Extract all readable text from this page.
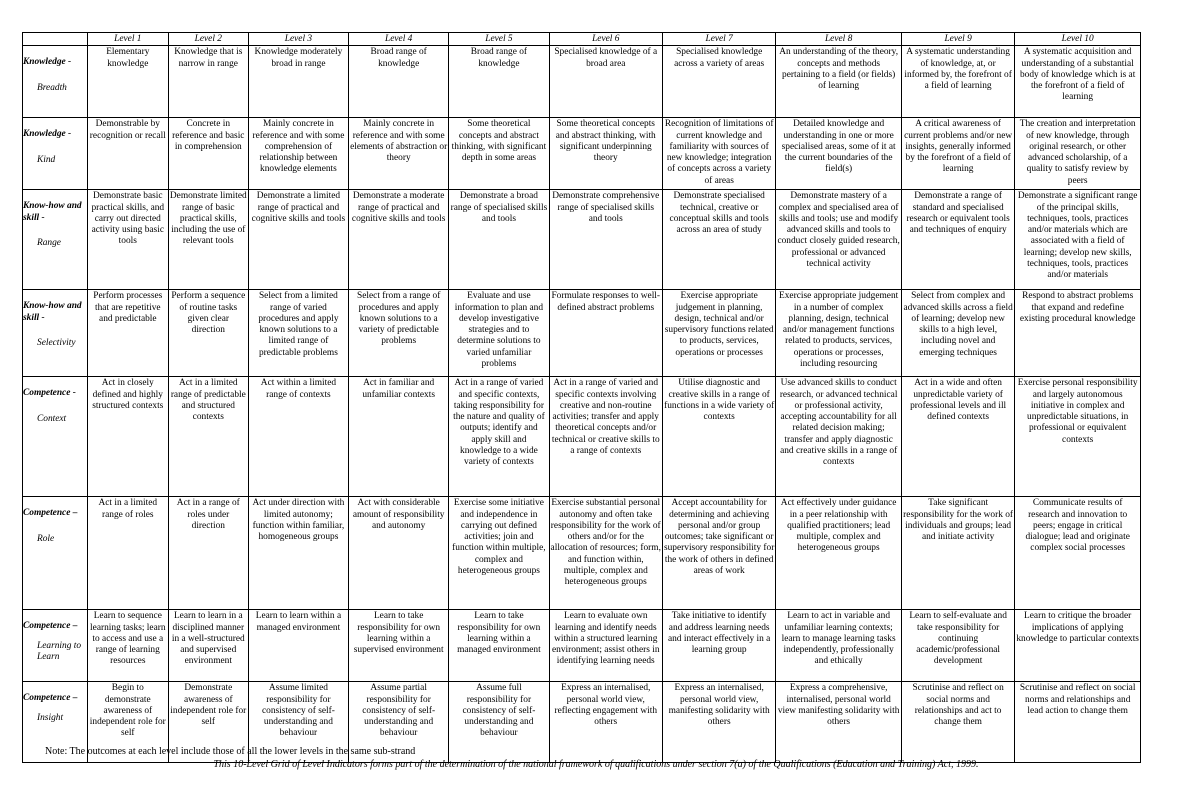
	Level 1	Level 2	Level 3	Level 4	Level 5	Level 6	Level 7	Level 8	Level 9	Level 10

Knowledge -
Breadth	Elementary knowledge	Knowledge that is narrow in range	Knowledge moderately broad in range	Broad range of knowledge	Broad range of knowledge	Specialised knowledge of a broad area	Specialised knowledge across a variety of areas	An understanding of the theory, concepts and methods pertaining to a field (or fields) of learning	A systematic understanding of knowledge, at, or informed by, the forefront of a field of learning	A systematic acquisition and understanding of a substantial body of knowledge which is at the forefront of a field of learning

Knowledge -
Kind	Demonstrable by recognition or recall	Concrete in reference and basic in comprehension	Mainly concrete in reference and with some comprehension of relationship between knowledge elements	Mainly concrete in reference and with some elements of abstraction or theory	Some theoretical concepts and abstract thinking, with significant depth in some areas	Some theoretical concepts and abstract thinking, with significant underpinning theory	Recognition of limitations of current knowledge and familiarity with sources of new knowledge; integration of concepts across a variety of areas	Detailed knowledge and understanding in one or more specialised areas, some of it at the current boundaries of the field(s)	A critical awareness of current problems and/or new insights, generally informed by the forefront of a field of learning	The creation and interpretation of new knowledge, through original research, or other advanced scholarship, of a quality to satisfy review by peers

Know-how and skill -
Range	Demonstrate basic practical skills, and carry out directed activity using basic tools	Demonstrate limited range of basic practical skills, including the use of relevant tools	Demonstrate a limited range of practical and cognitive skills and tools	Demonstrate a moderate range of practical and cognitive skills and tools	Demonstrate a broad range of specialised skills and tools	Demonstrate comprehensive range of specialised skills and tools	Demonstrate specialised technical, creative or conceptual skills and tools across an area of study	Demonstrate mastery of a complex and specialised area of skills and tools; use and modify advanced skills and tools to conduct closely guided research, professional or advanced technical activity	Demonstrate a range of standard and specialised research or equivalent tools and techniques of enquiry	Demonstrate a significant range of the principal skills, techniques, tools, practices and/or materials which are associated with a field of learning; develop new skills, techniques, tools, practices and/or materials

Know-how and skill -
Selectivity	Perform processes that are repetitive and predictable	Perform a sequence of routine tasks given clear direction	Select from a limited range of varied procedures and apply known solutions to a limited range of predictable problems	Select from a range of procedures and apply known solutions to a variety of predictable problems	Evaluate and use information to plan and develop investigative strategies and to determine solutions to varied unfamiliar problems	Formulate responses to well-defined abstract problems	Exercise appropriate judgement in planning, design, technical and/or supervisory functions related to products, services, operations or processes	Exercise appropriate judgement in a number of complex planning, design, technical and/or management functions related to products, services, operations or processes, including resourcing	Select from complex and advanced skills across a field of learning; develop new skills to a high level, including novel and emerging techniques	Respond to abstract problems that expand and redefine existing procedural knowledge

Competence -
Context	Act in closely defined and highly structured contexts	Act in a limited range of predictable and structured contexts	Act within a limited range of contexts	Act in familiar and unfamiliar contexts	Act in a range of varied and specific contexts, taking responsibility for the nature and quality of outputs; identify and apply skill and knowledge to a wide variety of contexts	Act in a range of varied and specific contexts involving creative and non-routine activities; transfer and apply theoretical concepts and/or technical or creative skills to a range of contexts	Utilise diagnostic and creative skills in a range of functions in a wide variety of contexts	Use advanced skills to conduct research, or advanced technical or professional activity, accepting accountability for all related decision making; transfer and apply diagnostic and creative skills in a range of contexts	Act in a wide and often unpredictable variety of professional levels and ill defined contexts	Exercise personal responsibility and largely autonomous initiative in complex and unpredictable situations, in professional or equivalent contexts

Competence –
Role	Act in a limited range of roles	Act in a range of roles under direction	Act under direction with limited autonomy; function within familiar, homogeneous groups	Act with considerable amount of responsibility and autonomy	Exercise some initiative and independence in carrying out defined activities; join and function within multiple, complex and heterogeneous groups	Exercise substantial personal autonomy and often take responsibility for the work of others and/or for the allocation of resources; form, and function within, multiple, complex and heterogeneous groups	Accept accountability for determining and achieving personal and/or group outcomes; take significant or supervisory responsibility for the work of others in defined areas of work	Act effectively under guidance in a peer relationship with qualified practitioners; lead multiple, complex and heterogeneous groups	Take significant responsibility for the work of individuals and groups; lead and initiate activity	Communicate results of research and innovation to peers; engage in critical dialogue; lead and originate complex social processes

Competence –
Learning to Learn	Learn to sequence learning tasks; learn to access and use a range of learning resources	Learn to learn in a disciplined manner in a well-structured and supervised environment	Learn to learn within a managed environment	Learn to take responsibility for own learning within a supervised environment	Learn to take responsibility for own learning within a managed environment	Learn to evaluate own learning and identify needs within a structured learning environment; assist others in identifying learning needs	Take initiative to identify and address learning needs and interact effectively in a learning group	Learn to act in variable and unfamiliar learning contexts; learn to manage learning tasks independently, professionally and ethically	Learn to self-evaluate and take responsibility for continuing academic/professional development	Learn to critique the broader implications of applying knowledge to particular contexts

Competence –
Insight	Begin to demonstrate awareness of independent role for self	Demonstrate awareness of independent role for self	Assume limited responsibility for consistency of self-understanding and behaviour	Assume partial responsibility for consistency of self-understanding and behaviour	Assume full responsibility for consistency of self-understanding and behaviour	Express an internalised, personal world view, reflecting engagement with others	Express an internalised, personal world view, manifesting solidarity with others	Express a comprehensive, internalised, personal world view manifesting solidarity with others	Scrutinise and reflect on social norms and relationships and act to change them	Scrutinise and reflect on social norms and relationships and lead action to change them
Note: The outcomes at each level include those of all the lower levels in the same sub-strand
This 10-Level Grid of Level Indicators forms part of the determination of the national framework of qualifications under section 7(a) of the Qualifications (Education and Training) Act, 1999.
